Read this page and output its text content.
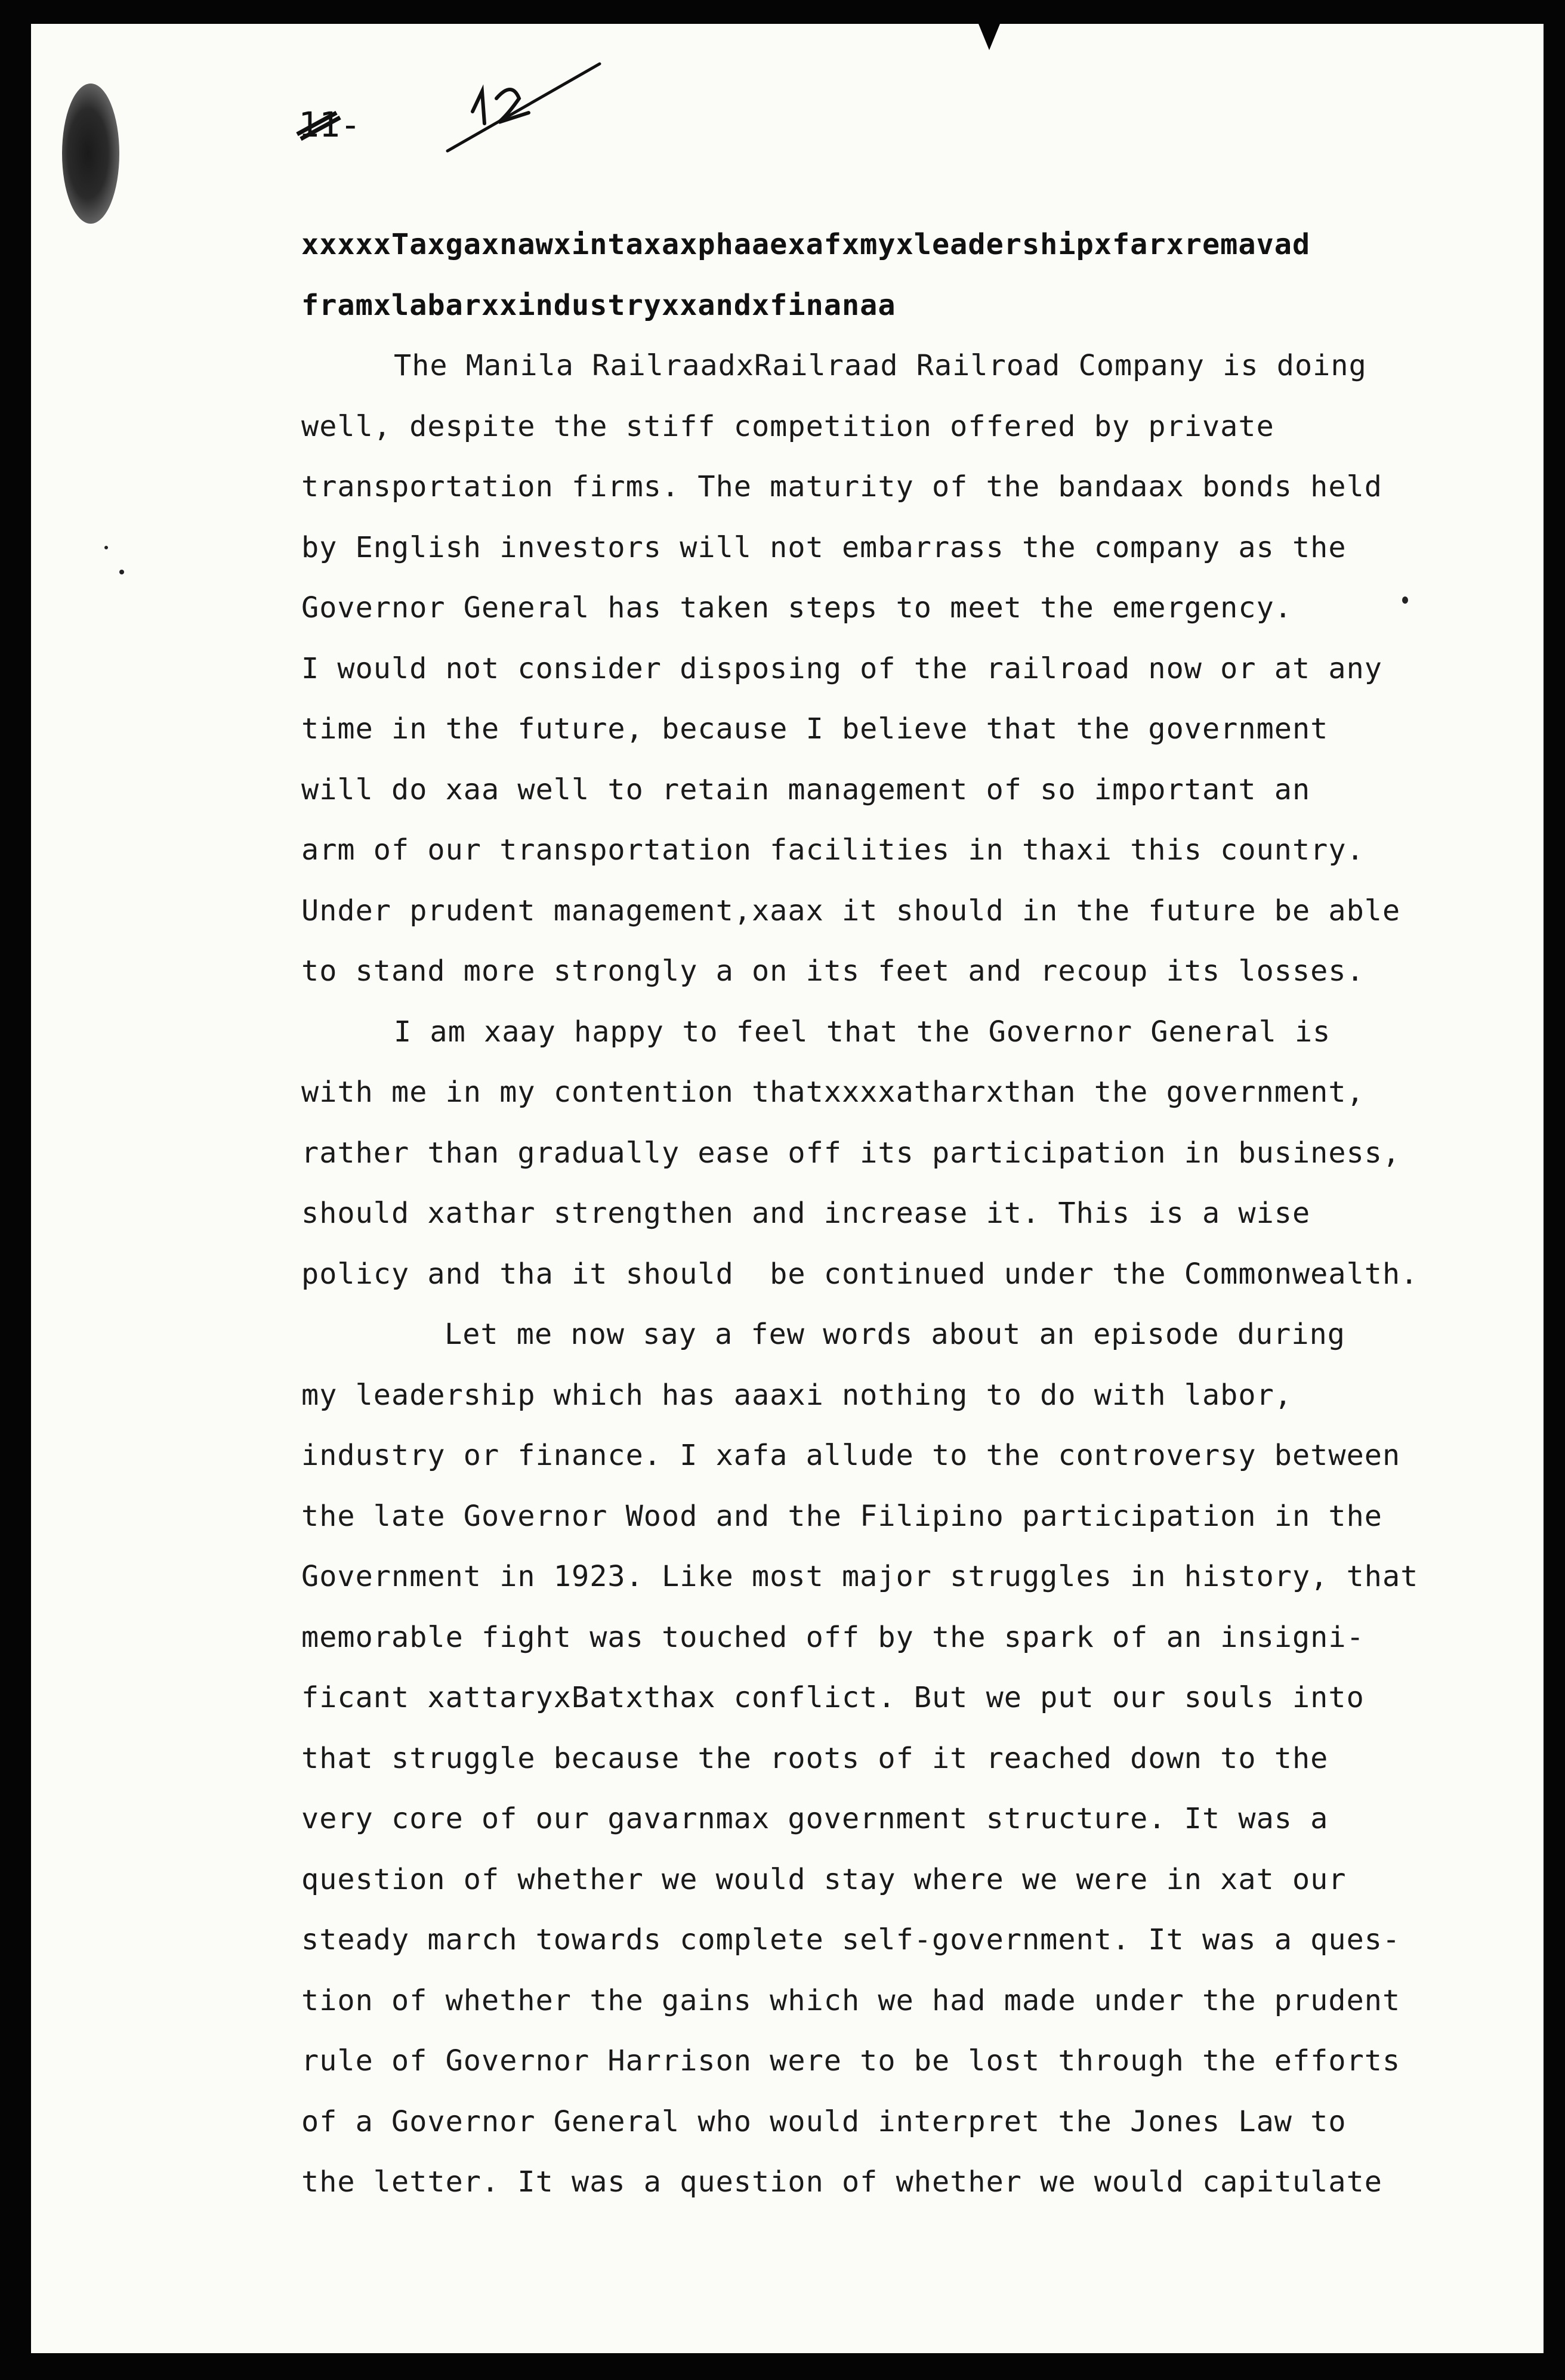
11-
xxxxxTaxgaxnawxintaxaxphaaexafxmyxleadershipxfarxremavad
framxlabarxxindustryxxandxfinanaa
The Manila RailraadxRailraad Railroad Company is doing
well, despite the stiff competition offered by private
transportation firms. The maturity of the bandaax bonds held
by English investors will not embarrass the company as the
Governor General has taken steps to meet the emergency.
I would not consider disposing of the railroad now or at any
time in the future, because I believe that the government
will do xaa well to retain management of so important an
arm of our transportation facilities in thaxi this country.
Under prudent management,xaax it should in the future be able
to stand more strongly a on its feet and recoup its losses.
I am xaay happy to feel that the Governor General is
with me in my contention thatxxxxatharxthan the government,
rather than gradually ease off its participation in business,
should xathar strengthen and increase it. This is a wise
policy and tha it should  be continued under the Commonwealth.
Let me now say a few words about an episode during
my leadership which has aaaxi nothing to do with labor,
industry or finance. I xafa allude to the controversy between
the late Governor Wood and the Filipino participation in the
Government in 1923. Like most major struggles in history, that
memorable fight was touched off by the spark of an insigni-
ficant xattaryxBatxthax conflict. But we put our souls into
that struggle because the roots of it reached down to the
very core of our gavarnmax government structure. It was a
question of whether we would stay where we were in xat our
steady march towards complete self-government. It was a ques-
tion of whether the gains which we had made under the prudent
rule of Governor Harrison were to be lost through the efforts
of a Governor General who would interpret the Jones Law to
the letter. It was a question of whether we would capitulate
